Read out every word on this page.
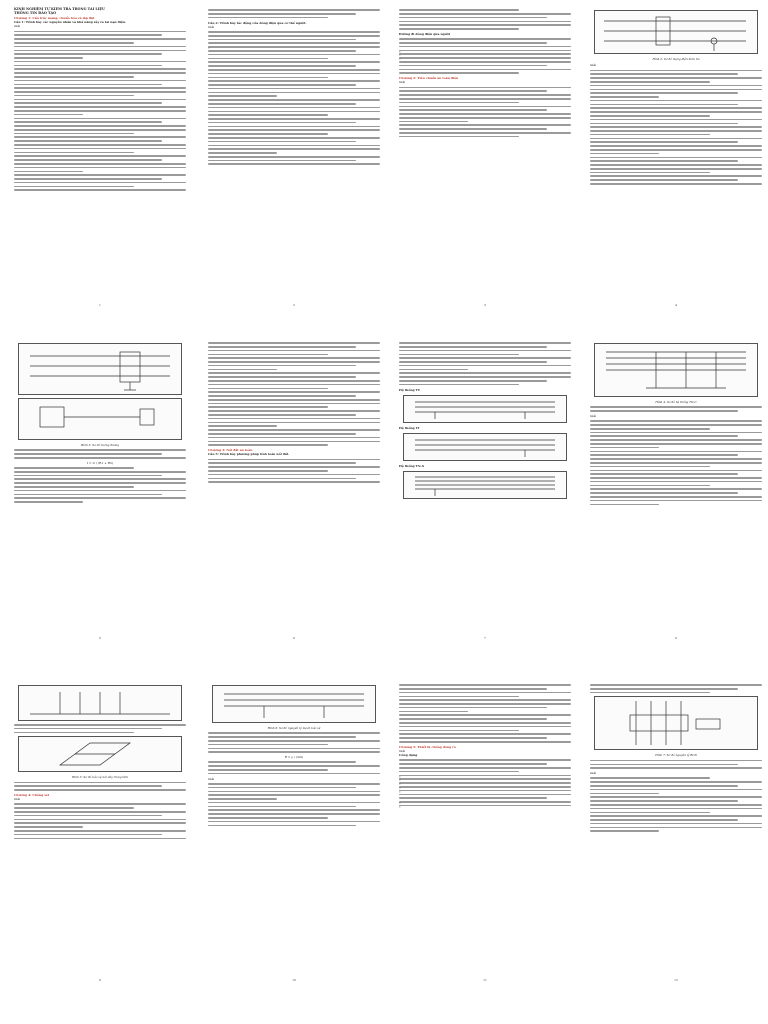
KINH NGHIỆM TỰ KIỂM TRA TRONG TÀI LIỆU
THÔNG TIN ĐÀO TẠO
Chương 1: Cấu trúc mạng, chuẩn hóa và lắp đặt
Câu 1: Trình bày các nguyên nhân và khả năng xảy ra tai nạn điện.
Giải
1
Câu 2: Trình bày tác động của dòng điện qua cơ thể người.
Giải
•
2
Đường đi dòng điện qua người
•
•
•
Chương 2: Tiêu chuẩn an toàn điện
Giải
3
Hình 2: Sơ đồ mạng điện hình tia
Giải
4
Hình 3: Sơ đồ tương đương
I = U / (R1 + R2)
5
Chương 3: Nối đất an toàn
Câu 5: Trình bày phương pháp tính toán nối đất.
6
Hệ thống TT
Hệ thống IT
Hệ thống TN-S
7
Hình 4: Sơ đồ hệ thống TN-C
Giải
8
Hình 5: Sơ đồ bảo vệ nối dây trung tính
Chương 4: Chống sét
Giải
9
Hình 6: Sơ đồ nguyên lý mạch bảo vệ
R = ρ / (2πl)
Giải
10
Chương 5: Thiết bị chống dòng rò
Giải
Công dụng
•
•
•
•
•
•
•
11
Hình 7: Sơ đồ nguyên lý RCD
Giải
12
